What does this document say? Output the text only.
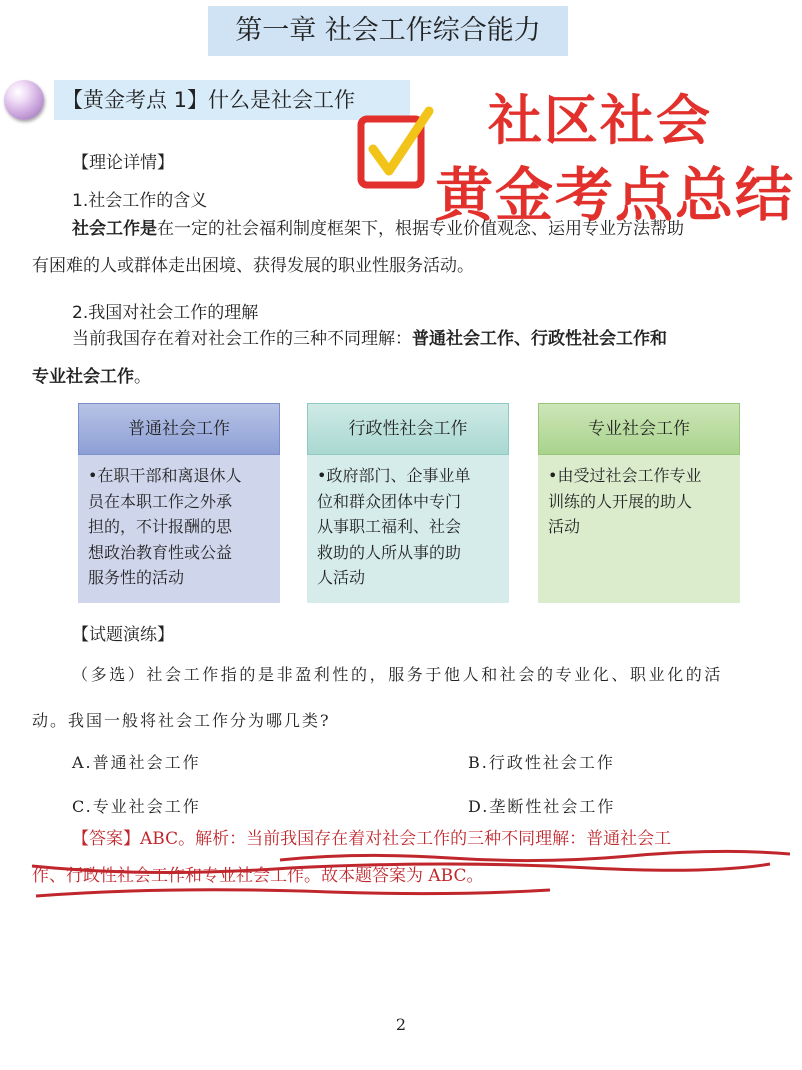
第一章 社会工作综合能力
【黄金考点 1】什么是社会工作	社区社会
黄金考点总结
【理论详情】
1.社会工作的含义
社会工作是在一定的社会福利制度框架下，根据专业价值观念、运用专业方法帮助
有困难的人或群体走出困境、获得发展的职业性服务活动。
2.我国对社会工作的理解
当前我国存在着对社会工作的三种不同理解：普通社会工作、行政性社会工作和
专业社会工作。
普通社会工作
•在职干部和离退休人
员在本职工作之外承
担的，不计报酬的思
想政治教育性或公益
服务性的活动
行政性社会工作
•政府部门、企事业单
位和群众团体中专门
从事职工福利、社会
救助的人所从事的助
人活动
专业社会工作
•由受过社会工作专业
训练的人开展的助人
活动
【试题演练】
（多选）社会工作指的是非盈利性的，服务于他人和社会的专业化、职业化的活
动。我国一般将社会工作分为哪几类?
A.普通社会工作	B.行政性社会工作
C.专业社会工作	D.垄断性社会工作
【答案】ABC。解析：当前我国存在着对社会工作的三种不同理解：普通社会工
作、行政性社会工作和专业社会工作。故本题答案为 ABC。
2
